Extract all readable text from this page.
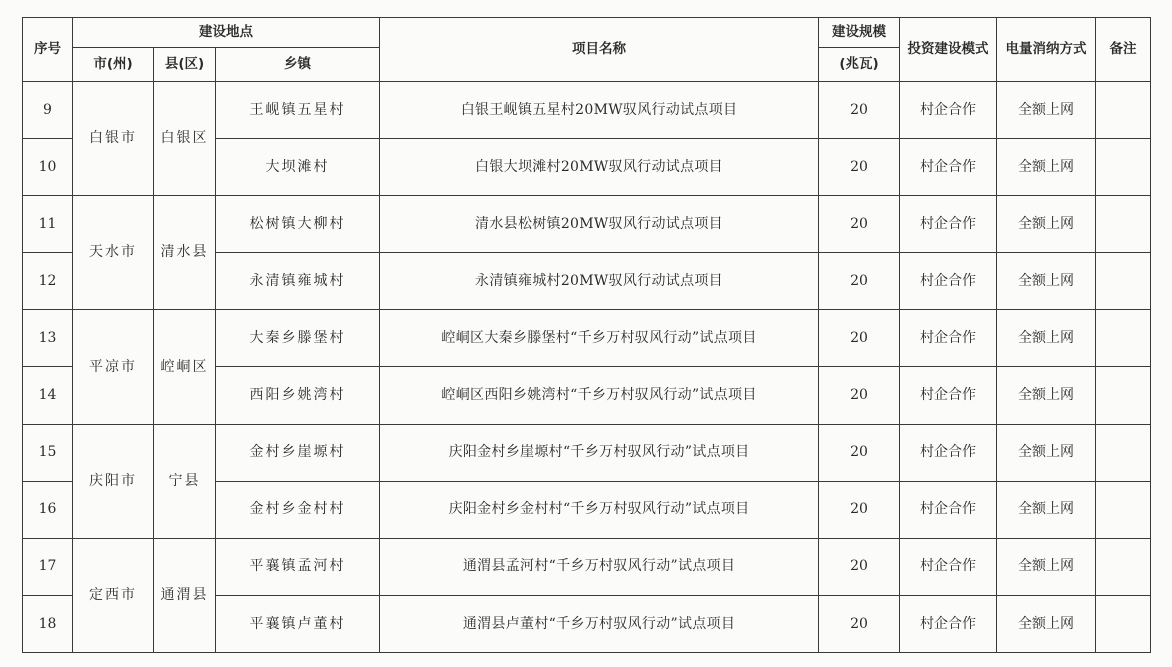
序号	建设地点			项目名称	建设规模	投资建设模式	电量消纳方式	备注
	市(州)	县(区)	乡镇		(兆瓦)			
9	白银市	白银区	王岘镇五星村	白银王岘镇五星村20MW驭风行动试点项目	20	村企合作	全额上网	
10			大坝滩村	白银大坝滩村20MW驭风行动试点项目	20	村企合作	全额上网	
11	天水市	清水县	松树镇大柳村	清水县松树镇20MW驭风行动试点项目	20	村企合作	全额上网	
12			永清镇雍城村	永清镇雍城村20MW驭风行动试点项目	20	村企合作	全额上网	
13	平凉市	崆峒区	大秦乡滕堡村	崆峒区大秦乡滕堡村“千乡万村驭风行动”试点项目	20	村企合作	全额上网	
14			西阳乡姚湾村	崆峒区西阳乡姚湾村“千乡万村驭风行动”试点项目	20	村企合作	全额上网	
15	庆阳市	宁县	金村乡崖塬村	庆阳金村乡崖塬村“千乡万村驭风行动”试点项目	20	村企合作	全额上网	
16			金村乡金村村	庆阳金村乡金村村“千乡万村驭风行动”试点项目	20	村企合作	全额上网	
17	定西市	通渭县	平襄镇孟河村	通渭县孟河村“千乡万村驭风行动”试点项目	20	村企合作	全额上网	
18			平襄镇卢董村	通渭县卢董村“千乡万村驭风行动”试点项目	20	村企合作	全额上网	
